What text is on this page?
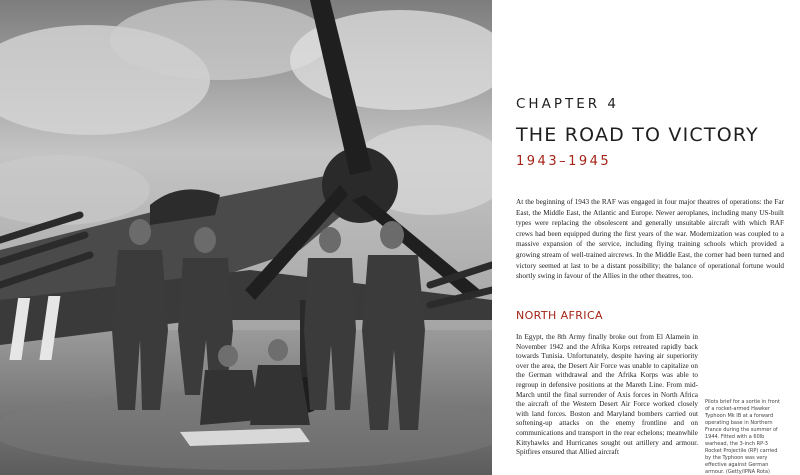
CHAPTER 4
THE ROAD TO VICTORY
1943–1945

At the beginning of 1943 the RAF was engaged in four major theatres of operations: the Far East, the Middle East, the Atlantic and Europe. Newer aeroplanes, including many US-built types were replacing the obsolescent and generally unsuitable aircraft with which RAF crews had been equipped during the first years of the war. Modernization was coupled to a massive expansion of the service, including flying training schools which provided a growing stream of well-trained aircrews. In the Middle East, the corner had been turned and victory seemed at last to be a distant possibility; the balance of operational fortune would shortly swing in favour of the Allies in the other theatres, too.

NORTH AFRICA

In Egypt, the 8th Army finally broke out from El Alamein in November 1942 and the Afrika Korps retreated rapidly back towards Tunisia. Unfortunately, despite having air superiority over the area, the Desert Air Force was unable to capitalize on the German withdrawal and the Afrika Korps was able to regroup in defensive positions at the Mareth Line. From mid-March until the final surrender of Axis forces in North Africa the aircraft of the Western Desert Air Force worked closely with land forces. Boston and Maryland bombers carried out softening-up attacks on the enemy frontline and on communications and transport in the rear echelons; meanwhile Kittyhawks and Hurricanes sought out artillery and armour. Spitfires ensured that Allied aircraft

Pilots brief for a sortie in front of a rocket-armed Hawker Typhoon Mk IB at a forward operating base in Northern France during the summer of 1944. Fitted with a 60lb warhead, the 3-inch RP-3 Rocket Projectile (RP) carried by the Typhoon was very effective against German armour. (Getty/IPNA Rota)
